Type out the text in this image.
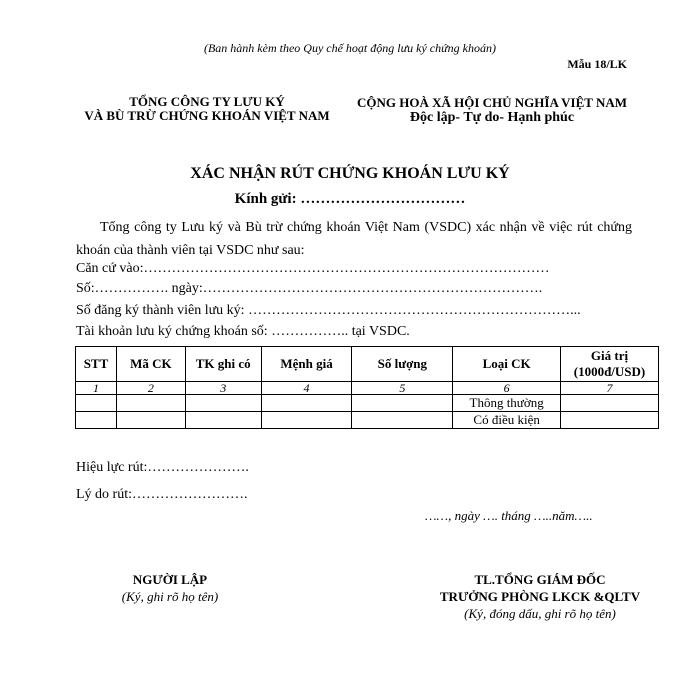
(Ban hành kèm theo Quy chế hoạt động lưu ký chứng khoán)
Mẫu 18/LK
TỔNG CÔNG TY LƯU KÝ
VÀ BÙ TRỪ CHỨNG KHOÁN VIỆT NAM
CỘNG HOÀ XÃ HỘI CHỦ NGHĨA VIỆT NAM
Độc lập- Tự do- Hạnh phúc
XÁC NHẬN RÚT CHỨNG KHOÁN LƯU KÝ
Kính gửi: ……………………………
Tổng công ty Lưu ký và Bù trừ chứng khoán Việt Nam (VSDC) xác nhận về việc rút chứng khoán của thành viên tại VSDC như sau:
Căn cứ vào:……………………………………………………………………………
Số:……………. ngày:……………………………………………………………….
Số đăng ký thành viên lưu ký: ……………………………………………………………...
Tài khoản lưu ký chứng khoán số: …………….. tại VSDC.
STT	Mã CK	TK ghi có	Mệnh giá	Số lượng	Loại CK	Giá trị
(1000đ/USD)

1	2	3	4	5	6	7
					Thông thường	
					Có điều kiện	
Hiệu lực rút:………………….
Lý do rút:…………………….
……, ngày …. tháng …..năm…..
NGƯỜI LẬP
(Ký, ghi rõ họ tên)
TL.TỔNG GIÁM ĐỐC
TRƯỞNG PHÒNG LKCK &QLTV
(Ký, đóng dấu, ghi rõ họ tên)
